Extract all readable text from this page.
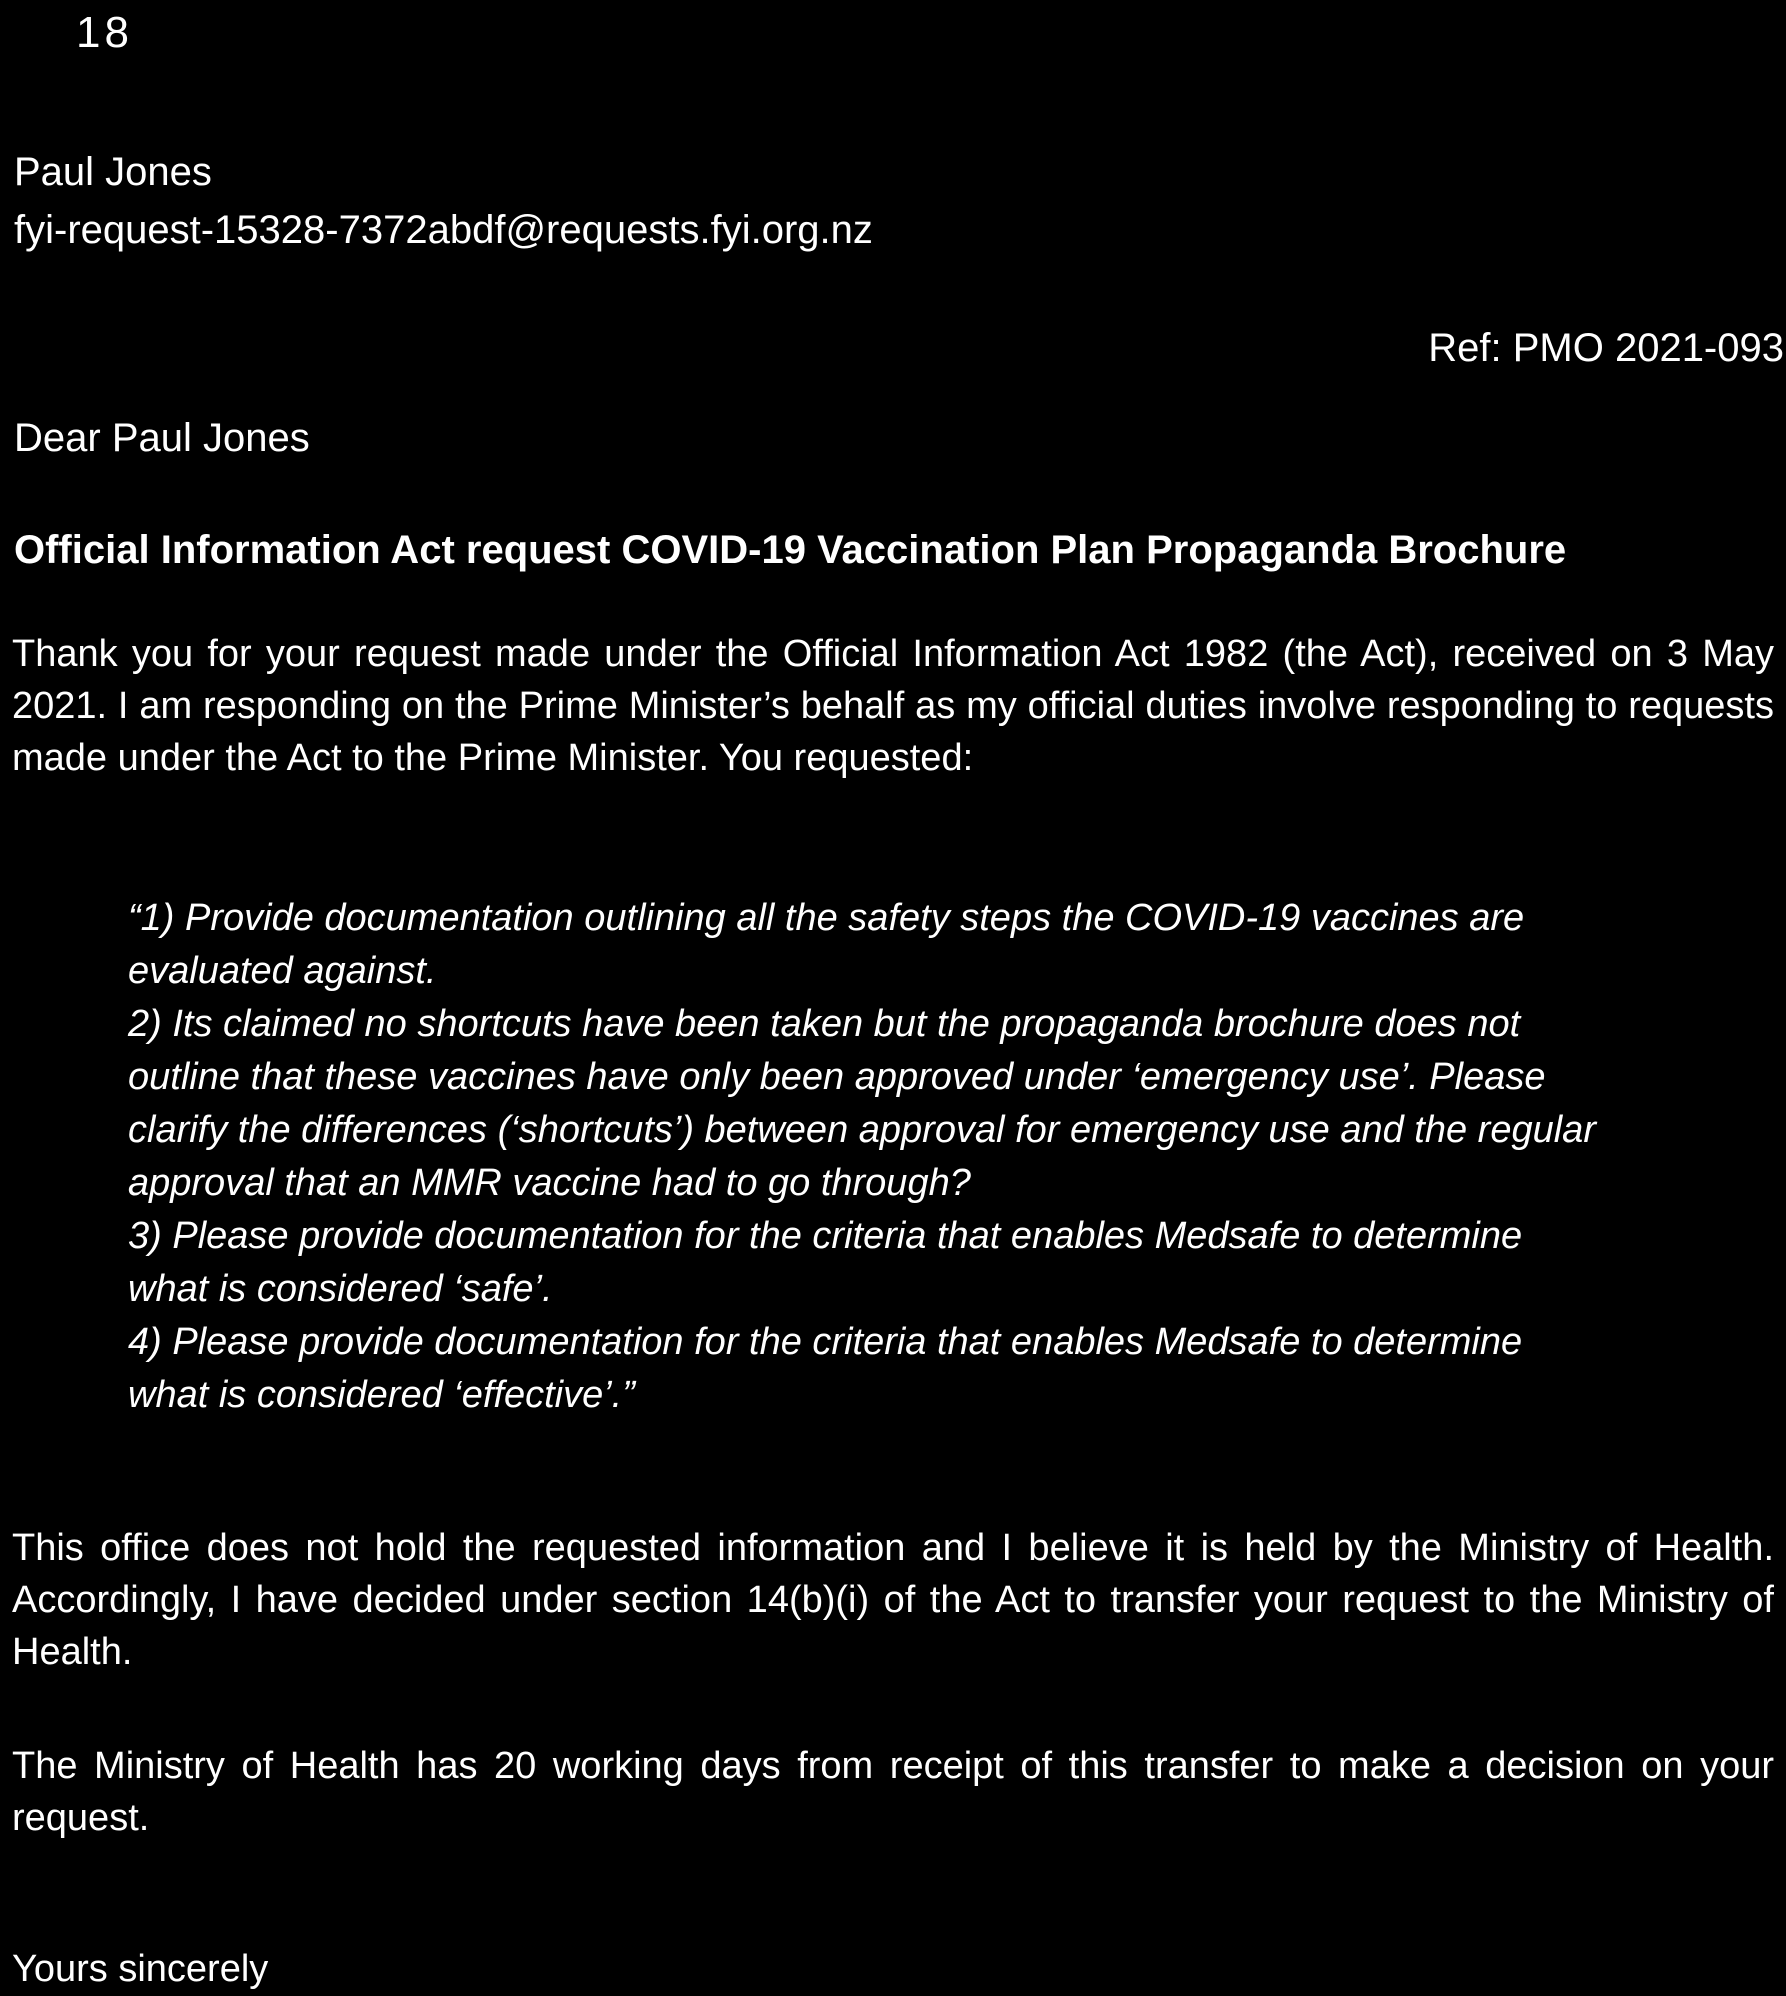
18
Paul Jones
fyi-request-15328-7372abdf@requests.fyi.org.nz
Ref: PMO 2021-093
Dear Paul Jones
Official Information Act request COVID-19 Vaccination Plan Propaganda Brochure
Thank you for your request made under the Official Information Act 1982 (the Act), received on 3 May 2021. I am responding on the Prime Minister’s behalf as my official duties involve responding to requests made under the Act to the Prime Minister. You requested:
“1) Provide documentation outlining all the safety steps the COVID-19 vaccines are evaluated against.
2) Its claimed no shortcuts have been taken but the propaganda brochure does not outline that these vaccines have only been approved under ‘emergency use’. Please clarify the differences (‘shortcuts’) between approval for emergency use and the regular approval that an MMR vaccine had to go through?
3) Please provide documentation for the criteria that enables Medsafe to determine what is considered ‘safe’.
4) Please provide documentation for the criteria that enables Medsafe to determine what is considered ‘effective’.”
This office does not hold the requested information and I believe it is held by the Ministry of Health. Accordingly, I have decided under section 14(b)(i) of the Act to transfer your request to the Ministry of Health.
The Ministry of Health has 20 working days from receipt of this transfer to make a decision on your request.
Yours sincerely
